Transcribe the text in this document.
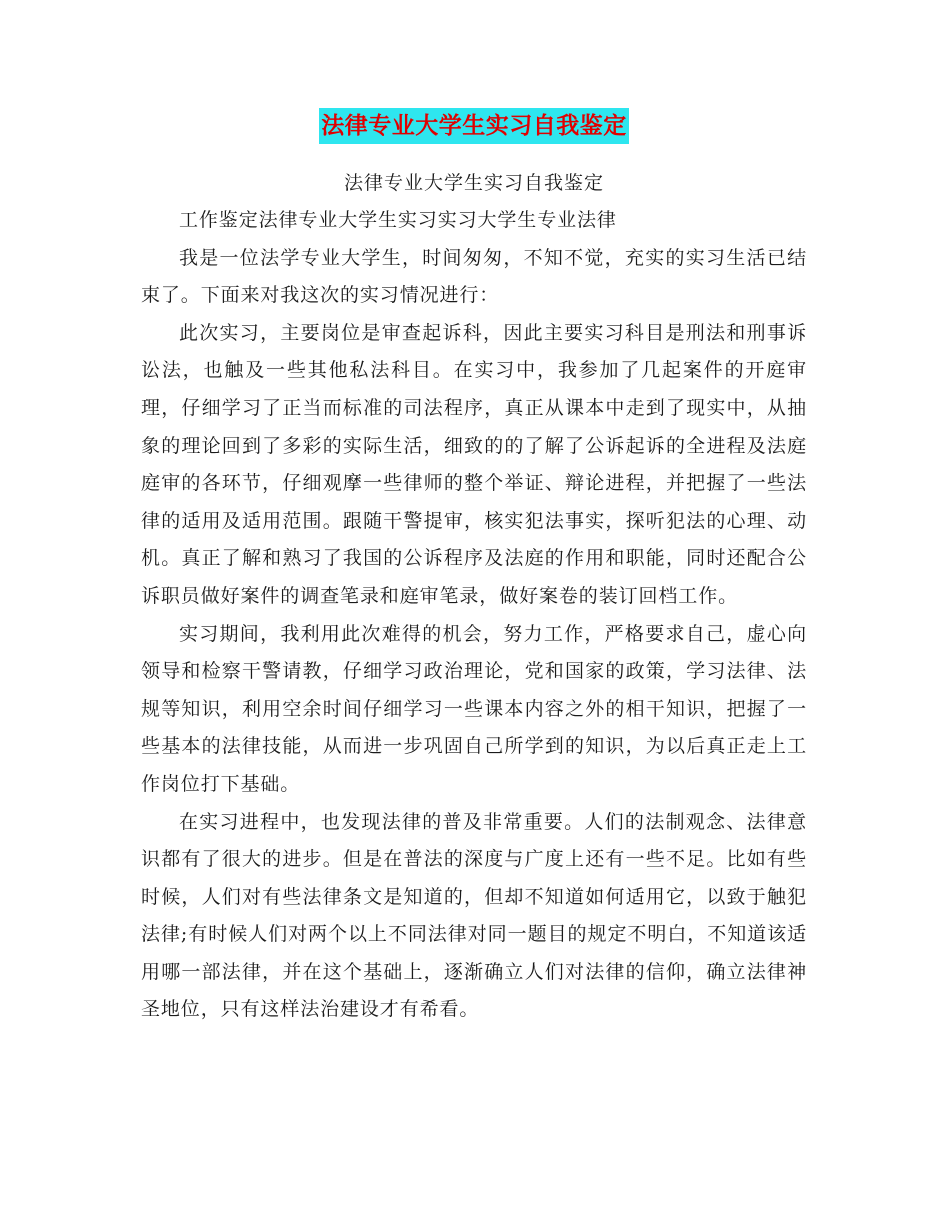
法律专业大学生实习自我鉴定
法律专业大学生实习自我鉴定

工作鉴定法律专业大学生实习实习大学生专业法律

我是一位法学专业大学生，时间匆匆，不知不觉，充实的实习生活已结束了。下面来对我这次的实习情况进行：

此次实习，主要岗位是审查起诉科，因此主要实习科目是刑法和刑事诉讼法，也触及一些其他私法科目。在实习中，我参加了几起案件的开庭审理，仔细学习了正当而标准的司法程序，真正从课本中走到了现实中，从抽象的理论回到了多彩的实际生活，细致的的了解了公诉起诉的全进程及法庭庭审的各环节，仔细观摩一些律师的整个举证、辩论进程，并把握了一些法律的适用及适用范围。跟随干警提审，核实犯法事实，探听犯法的心理、动机。真正了解和熟习了我国的公诉程序及法庭的作用和职能，同时还配合公诉职员做好案件的调查笔录和庭审笔录，做好案卷的装订回档工作。

实习期间，我利用此次难得的机会，努力工作，严格要求自己，虚心向领导和检察干警请教，仔细学习政治理论，党和国家的政策，学习法律、法规等知识，利用空余时间仔细学习一些课本内容之外的相干知识，把握了一些基本的法律技能，从而进一步巩固自己所学到的知识，为以后真正走上工作岗位打下基础。

在实习进程中，也发现法律的普及非常重要。人们的法制观念、法律意识都有了很大的进步。但是在普法的深度与广度上还有一些不足。比如有些时候，人们对有些法律条文是知道的，但却不知道如何适用它，以致于触犯法律;有时候人们对两个以上不同法律对同一题目的规定不明白，不知道该适用哪一部法律，并在这个基础上，逐渐确立人们对法律的信仰，确立法律神圣地位，只有这样法治建设才有希看。
